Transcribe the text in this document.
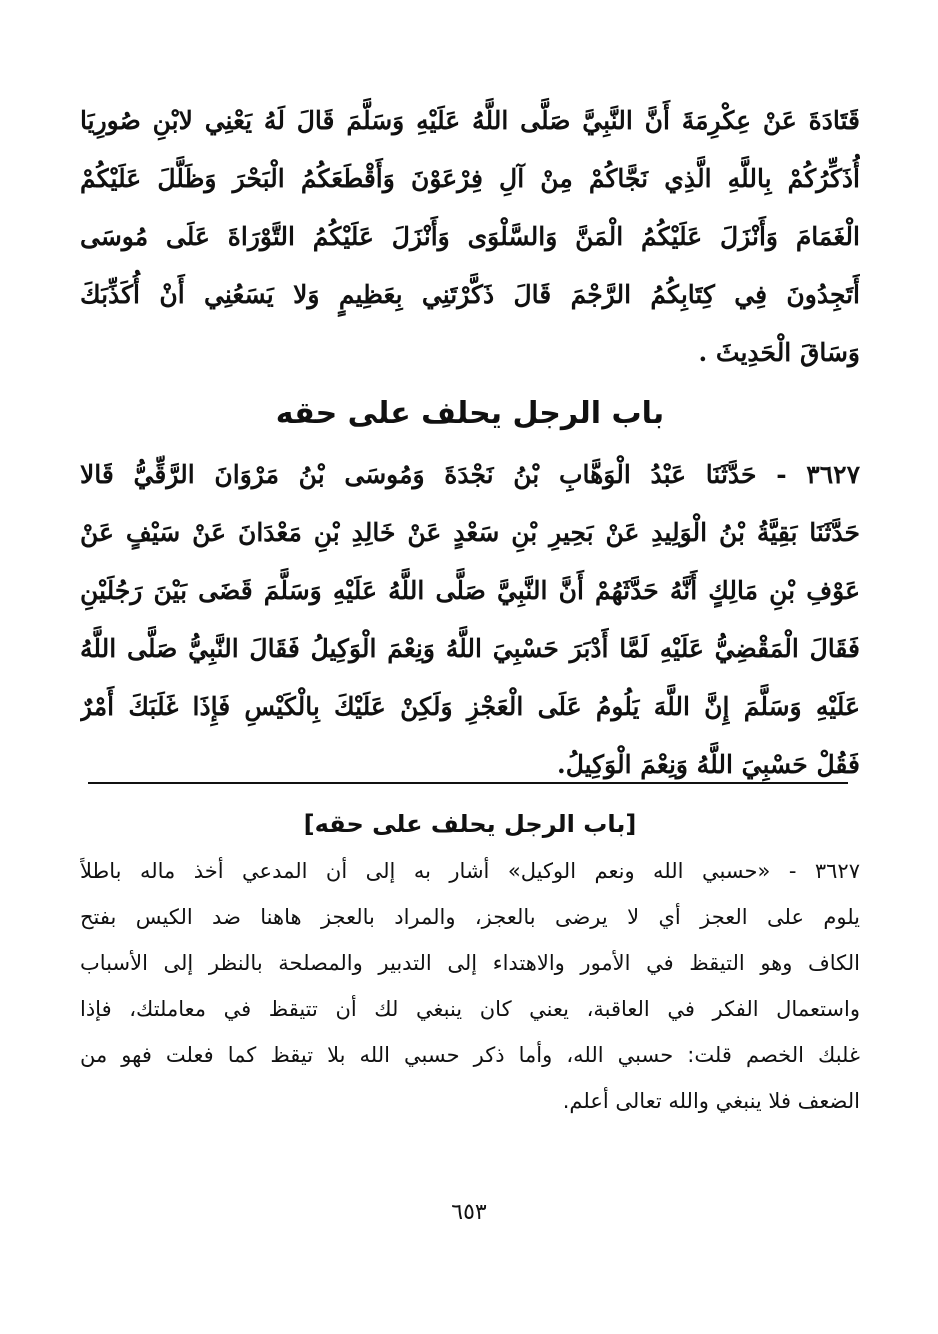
قَتَادَةَ عَنْ عِكْرِمَةَ أَنَّ النَّبِيَّ صَلَّى اللَّهُ عَلَيْهِ وَسَلَّمَ قَالَ لَهُ يَعْنِي لابْنِ صُورِيَا
أُذَكِّرُكُمْ بِاللَّهِ الَّذِي نَجَّاكُمْ مِنْ آلِ فِرْعَوْنَ وَأَقْطَعَكُمُ الْبَحْرَ وَظَلَّلَ عَلَيْكُمْ
الْغَمَامَ وَأَنْزَلَ عَلَيْكُمُ الْمَنَّ وَالسَّلْوَى وَأَنْزَلَ عَلَيْكُمُ التَّوْرَاةَ عَلَى مُوسَى
أَتَجِدُونَ فِي كِتَابِكُمُ الرَّجْمَ قَالَ ذَكَّرْتَنِي بِعَظِيمٍ وَلا يَسَعُنِي أَنْ أُكَذِّبَكَ
وَسَاقَ الْحَدِيثَ .
باب الرجل يحلف على حقه
٣٦٢٧ - حَدَّثَنَا عَبْدُ الْوَهَّابِ بْنُ نَجْدَةَ وَمُوسَى بْنُ مَرْوَانَ الرَّقِّيُّ قَالا
حَدَّثَنَا بَقِيَّةُ بْنُ الْوَلِيدِ عَنْ بَحِيرِ بْنِ سَعْدٍ عَنْ خَالِدِ بْنِ مَعْدَانَ عَنْ سَيْفٍ عَنْ
عَوْفِ بْنِ مَالِكٍ أَنَّهُ حَدَّثَهُمْ أَنَّ النَّبِيَّ صَلَّى اللَّهُ عَلَيْهِ وَسَلَّمَ قَضَى بَيْنَ رَجُلَيْنِ
فَقَالَ الْمَقْضِيُّ عَلَيْهِ لَمَّا أَدْبَرَ حَسْبِيَ اللَّهُ وَنِعْمَ الْوَكِيلُ فَقَالَ النَّبِيُّ صَلَّى اللَّهُ
عَلَيْهِ وَسَلَّمَ إِنَّ اللَّهَ يَلُومُ عَلَى الْعَجْزِ وَلَكِنْ عَلَيْكَ بِالْكَيْسِ فَإِذَا غَلَبَكَ أَمْرٌ
فَقُلْ حَسْبِيَ اللَّهُ وَنِعْمَ الْوَكِيلُ.
[باب الرجل يحلف على حقه]
٣٦٢٧ - «حسبي الله ونعم الوكيل» أشار به إلى أن المدعي أخذ ماله باطلاً
يلوم على العجز أي لا يرضى بالعجز، والمراد بالعجز هاهنا ضد الكيس بفتح
الكاف وهو التيقظ في الأمور والاهتداء إلى التدبير والمصلحة بالنظر إلى الأسباب
واستعمال الفكر في العاقبة، يعني كان ينبغي لك أن تتيقظ في معاملتك، فإذا
غلبك الخصم قلت: حسبي الله، وأما ذكر حسبي الله بلا تيقظ كما فعلت فهو من
الضعف فلا ينبغي والله تعالى أعلم.
٦٥٣
